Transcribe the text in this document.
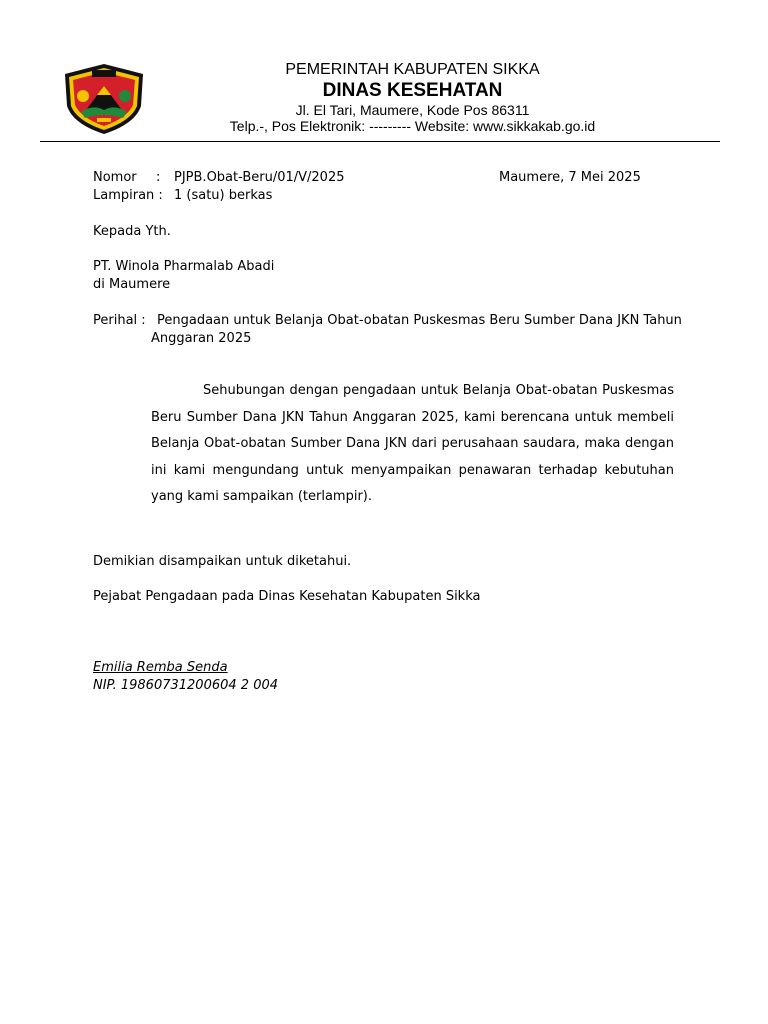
PEMERINTAH KABUPATEN SIKKA
DINAS KESEHATAN
Jl. El Tari, Maumere, Kode Pos 86311
Telp.-, Pos Elektronik: --------- Website: www.sikkakab.go.id
Nomor : PJPB.Obat-Beru/01/V/2025	Maumere, 7 Mei 2025
Lampiran : 1 (satu) berkas
Kepada Yth.
PT. Winola Pharmalab Abadi
di Maumere
Perihal : Pengadaan untuk Belanja Obat-obatan Puskesmas Beru Sumber Dana JKN Tahun
Anggaran 2025
Sehubungan dengan pengadaan untuk Belanja Obat-obatan Puskesmas Beru Sumber Dana JKN Tahun Anggaran 2025, kami berencana untuk membeli Belanja Obat-obatan Sumber Dana JKN dari perusahaan saudara, maka dengan ini kami mengundang untuk menyampaikan penawaran terhadap kebutuhan yang kami sampaikan (terlampir).
Demikian disampaikan untuk diketahui.
Pejabat Pengadaan pada Dinas Kesehatan Kabupaten Sikka
Emilia Remba Senda
NIP. 19860731200604 2 004
